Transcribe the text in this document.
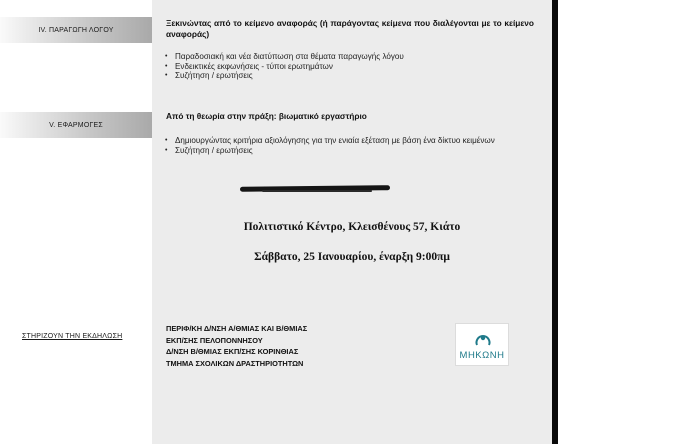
IV. ΠΑΡΑΓΩΓΗ ΛΟΓΟΥ
Ξεκινώντας από το κείμενο αναφοράς (ή παράγοντας κείμενα που διαλέγονται με το κείμενο αναφοράς)
• Παραδοσιακή και νέα διατύπωση στα θέματα παραγωγής λόγου
• Ενδεικτικές εκφωνήσεις - τύποι ερωτημάτων
• Συζήτηση / ερωτήσεις
V. ΕΦΑΡΜΟΓΕΣ
Από τη θεωρία στην πράξη: βιωματικό εργαστήριο
• Δημιουργώντας κριτήρια αξιολόγησης για την ενιαία εξέταση με βάση ένα δίκτυο κειμένων
• Συζήτηση / ερωτήσεις
Πολιτιστικό Κέντρο, Κλεισθένους 57, Κιάτο
Σάββατο, 25 Ιανουαρίου, έναρξη 9:00πμ
ΣΤΗΡΙΖΟΥΝ ΤΗΝ ΕΚΔΗΛΩΣΗ
ΠΕΡΙΦ/ΚΗ Δ/ΝΣΗ Α/ΘΜΙΑΣ ΚΑΙ Β/ΘΜΙΑΣ
ΕΚΠ/ΣΗΣ ΠΕΛΟΠΟΝΝΗΣΟΥ
Δ/ΝΣΗ Β/ΘΜΙΑΣ ΕΚΠ/ΣΗΣ ΚΟΡΙΝΘΙΑΣ
ΤΜΗΜΑ ΣΧΟΛΙΚΩΝ ΔΡΑΣΤΗΡΙΟΤΗΤΩΝ
ΜΗΚΩΝΗ
